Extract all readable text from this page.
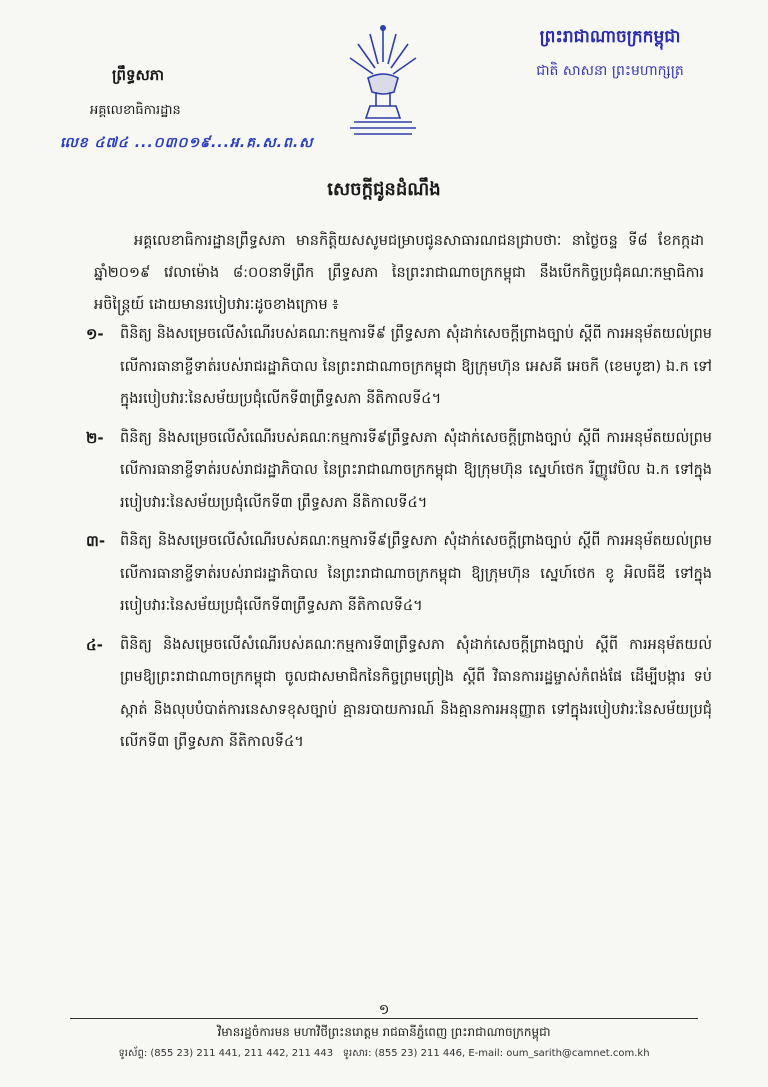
ព្រឹទ្ធសភា
អគ្គលេខាធិការដ្ឋាន
លេខ ៤៧៤ ...០៣០១៩...អ.គ.ស.ព.ស
ព្រះរាជាណាចក្រកម្ពុជា
ជាតិ សាសនា ព្រះមហាក្សត្រ
សេចក្ដីជូនដំណឹង
អគ្គលេខាធិការដ្ឋានព្រឹទ្ធសភា មានកិត្តិយសសូមជម្រាបជូនសាធារណជនជ្រាបថាៈ នាថ្ងៃចន្ទ ទី៨ ខែកក្កដា ឆ្នាំ២០១៩ វេលាម៉ោង ៨:០០នាទីព្រឹក ព្រឹទ្ធសភា នៃព្រះរាជាណាចក្រកម្ពុជា នឹងបើកកិច្ចប្រជុំគណៈកម្មាធិការអចិន្ត្រៃយ៍ ដោយមានរបៀបវារៈដូចខាងក្រោម ៖
១-	ពិនិត្យ និងសម្រេចលើសំណើរបស់គណៈកម្មការទី៩ ព្រឹទ្ធសភា សុំដាក់សេចក្ដីព្រាងច្បាប់ ស្ដីពី ការអនុម័តយល់ព្រមលើការធានាខ្ចីទាត់របស់រាជរដ្ឋាភិបាល នៃព្រះរាជាណាចក្រកម្ពុជា ឱ្យក្រុមហ៊ុន អេសគី អេចកី (ខេមបូឌា) ឯ.ក ទៅក្នុងរបៀបវារៈនៃសម័យប្រជុំលើកទី៣ព្រឹទ្ធសភា នីតិកាលទី៤។
២-	ពិនិត្យ និងសម្រេចលើសំណើរបស់គណៈកម្មការទី៩ព្រឹទ្ធសភា សុំដាក់សេចក្ដីព្រាងច្បាប់ ស្ដីពី ការអនុម័តយល់ព្រមលើការធានាខ្ចីទាត់របស់រាជរដ្ឋាភិបាល នៃព្រះរាជាណាចក្រកម្ពុជា ឱ្យក្រុមហ៊ុន ស្នេហ៍ថេក រីញ្ញូវេបិល ឯ.ក ទៅក្នុងរបៀបវារៈនៃសម័យប្រជុំលើកទី៣ ព្រឹទ្ធសភា នីតិកាលទី៤។
៣-	ពិនិត្យ និងសម្រេចលើសំណើរបស់គណៈកម្មការទី៩ព្រឹទ្ធសភា សុំដាក់សេចក្ដីព្រាងច្បាប់ ស្ដីពី ការអនុម័តយល់ព្រមលើការធានាខ្ចីទាត់របស់រាជរដ្ឋាភិបាល នៃព្រះរាជាណាចក្រកម្ពុជា ឱ្យក្រុមហ៊ុន ស្នេហ៍ថេក ខូ អិលធីឌី ទៅក្នុងរបៀបវារៈនៃសម័យប្រជុំលើកទី៣ព្រឹទ្ធសភា នីតិកាលទី៤។
៤-	ពិនិត្យ និងសម្រេចលើសំណើរបស់គណៈកម្មការទី៣ព្រឹទ្ធសភា សុំដាក់សេចក្ដីព្រាងច្បាប់ ស្ដីពី ការអនុម័តយល់ព្រមឱ្យព្រះរាជាណាចក្រកម្ពុជា ចូលជាសមាជិកនៃកិច្ចព្រមព្រៀង ស្ដីពី វិធានការរដ្ឋម្ចាស់កំពង់ផែ ដើម្បីបង្ការ ទប់ស្កាត់ និងលុបបំបាត់ការនេសាទខុសច្បាប់ គ្មានរបាយការណ៍ និងគ្មានការអនុញ្ញាត ទៅក្នុងរបៀបវារៈនៃសម័យប្រជុំលើកទី៣ ព្រឹទ្ធសភា នីតិកាលទី៤។
១
វិមានរដ្ឋចំការមន មហាវិថីព្រះនរោត្តម រាជធានីភ្នំពេញ ព្រះរាជាណាចក្រកម្ពុជា
ទូរស័ព្ទ: (855 23) 211 441, 211 442, 211 443 ទូរសារ: (855 23) 211 446, E-mail: oum_sarith@camnet.com.kh
